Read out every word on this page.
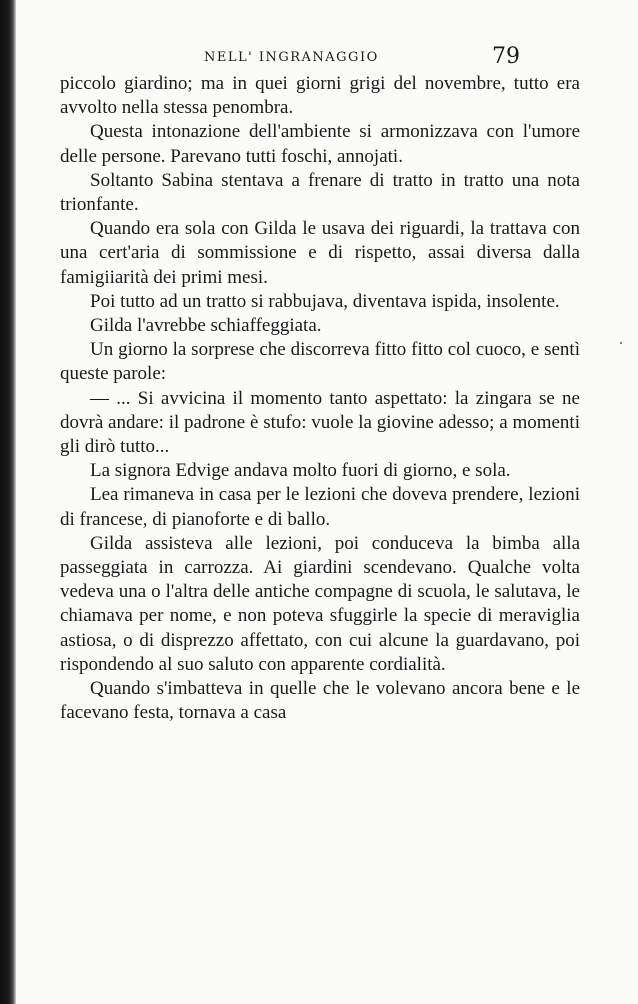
NELL' INGRANAGGIO	79

piccolo giardino; ma in quei giorni grigi del novembre, tutto era avvolto nella stessa penombra.

Questa intonazione dell'ambiente si armonizzava con l'umore delle persone. Parevano tutti foschi, annojati.

Soltanto Sabina stentava a frenare di tratto in tratto una nota trionfante.

Quando era sola con Gilda le usava dei riguardi, la trattava con una cert'aria di sommissione e di rispetto, assai diversa dalla famigiiarità dei primi mesi.

Poi tutto ad un tratto si rabbujava, diventava ispida, insolente.

Gilda l'avrebbe schiaffeggiata.

Un giorno la sorprese che discorreva fitto fitto col cuoco, e sentì queste parole:

— ... Si avvicina il momento tanto aspettato: la zingara se ne dovrà andare: il padrone è stufo: vuole la giovine adesso; a momenti gli dirò tutto...

La signora Edvige andava molto fuori di giorno, e sola.

Lea rimaneva in casa per le lezioni che doveva prendere, lezioni di francese, di pianoforte e di ballo.

Gilda assisteva alle lezioni, poi conduceva la bimba alla passeggiata in carrozza. Ai giardini scendevano. Qualche volta vedeva una o l'altra delle antiche compagne di scuola, le salutava, le chiamava per nome, e non poteva sfuggirle la specie di meraviglia astiosa, o di disprezzo affettato, con cui alcune la guardavano, poi rispondendo al suo saluto con apparente cordialità.

Quando s'imbatteva in quelle che le volevano ancora bene e le facevano festa, tornava a casa
